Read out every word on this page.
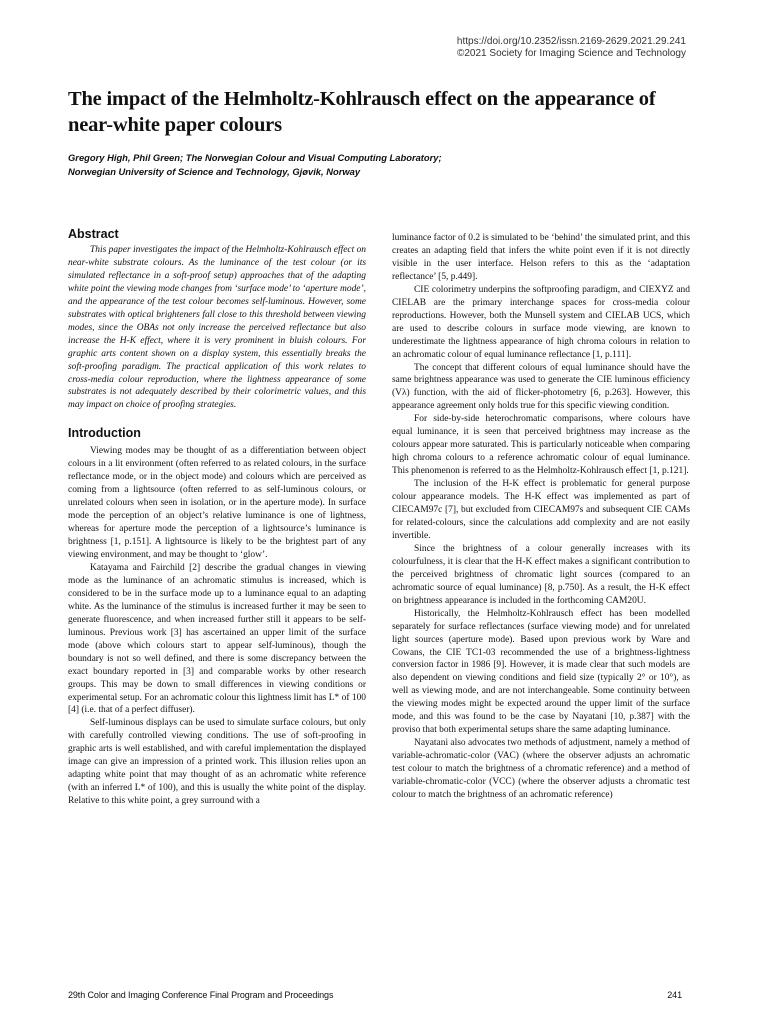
https://doi.org/10.2352/issn.2169-2629.2021.29.241
©2021 Society for Imaging Science and Technology
The impact of the Helmholtz-Kohlrausch effect on the appearance of near-white paper colours
Gregory High, Phil Green; The Norwegian Colour and Visual Computing Laboratory;
Norwegian University of Science and Technology, Gjøvik, Norway
Abstract

This paper investigates the impact of the Helmholtz-Kohlrausch effect on near-white substrate colours. As the luminance of the test colour (or its simulated reflectance in a soft-proof setup) approaches that of the adapting white point the viewing mode changes from ‘surface mode’ to ‘aperture mode’, and the appearance of the test colour becomes self-luminous. However, some substrates with optical brighteners fall close to this threshold between viewing modes, since the OBAs not only increase the perceived reflectance but also increase the H-K effect, where it is very prominent in bluish colours. For graphic arts content shown on a display system, this essentially breaks the soft-proofing paradigm. The practical application of this work relates to cross-media colour reproduction, where the lightness appearance of some substrates is not adequately described by their colorimetric values, and this may impact on choice of proofing strategies.

Introduction

Viewing modes may be thought of as a differentiation between object colours in a lit environment (often referred to as related colours, in the surface reflectance mode, or in the object mode) and colours which are perceived as coming from a lightsource (often referred to as self-luminous colours, or unrelated colours when seen in isolation, or in the aperture mode). In surface mode the perception of an object’s relative luminance is one of lightness, whereas for aperture mode the perception of a lightsource’s luminance is brightness [1, p.151]. A lightsource is likely to be the brightest part of any viewing environment, and may be thought to ‘glow’.

Katayama and Fairchild [2] describe the gradual changes in viewing mode as the luminance of an achromatic stimulus is increased, which is considered to be in the surface mode up to a luminance equal to an adapting white. As the luminance of the stimulus is increased further it may be seen to generate fluorescence, and when increased further still it appears to be self-luminous. Previous work [3] has ascertained an upper limit of the surface mode (above which colours start to appear self-luminous), though the boundary is not so well defined, and there is some discrepancy between the exact boundary reported in [3] and comparable works by other research groups. This may be down to small differences in viewing conditions or experimental setup. For an achromatic colour this lightness limit has L* of 100 [4] (i.e. that of a perfect diffuser).

Self-luminous displays can be used to simulate surface colours, but only with carefully controlled viewing conditions. The use of soft-proofing in graphic arts is well established, and with careful implementation the displayed image can give an impression of a printed work. This illusion relies upon an adapting white point that may thought of as an achromatic white reference (with an inferred L* of 100), and this is usually the white point of the display. Relative to this white point, a grey surround with a

luminance factor of 0.2 is simulated to be ‘behind’ the simulated print, and this creates an adapting field that infers the white point even if it is not directly visible in the user interface. Helson refers to this as the ‘adaptation reflectance’ [5, p.449].

CIE colorimetry underpins the softproofing paradigm, and CIEXYZ and CIELAB are the primary interchange spaces for cross-media colour reproductions. However, both the Munsell system and CIELAB UCS, which are used to describe colours in surface mode viewing, are known to underestimate the lightness appearance of high chroma colours in relation to an achromatic colour of equal luminance reflectance [1, p.111].

The concept that different colours of equal luminance should have the same brightness appearance was used to generate the CIE luminous efficiency (Vλ) function, with the aid of flicker-photometry [6, p.263]. However, this appearance agreement only holds true for this specific viewing condition.

For side-by-side heterochromatic comparisons, where colours have equal luminance, it is seen that perceived brightness may increase as the colours appear more saturated. This is particularly noticeable when comparing high chroma colours to a reference achromatic colour of equal luminance. This phenomenon is referred to as the Helmholtz-Kohlrausch effect [1, p.121].

The inclusion of the H-K effect is problematic for general purpose colour appearance models. The H-K effect was implemented as part of CIECAM97c [7], but excluded from CIECAM97s and subsequent CIE CAMs for related-colours, since the calculations add complexity and are not easily invertible.

Since the brightness of a colour generally increases with its colourfulness, it is clear that the H-K effect makes a significant contribution to the perceived brightness of chromatic light sources (compared to an achromatic source of equal luminance) [8, p.750]. As a result, the H-K effect on brightness appearance is included in the forthcoming CAM20U.

Historically, the Helmholtz-Kohlrausch effect has been modelled separately for surface reflectances (surface viewing mode) and for unrelated light sources (aperture mode). Based upon previous work by Ware and Cowans, the CIE TC1-03 recommended the use of a brightness-lightness conversion factor in 1986 [9]. However, it is made clear that such models are also dependent on viewing conditions and field size (typically 2° or 10°), as well as viewing mode, and are not interchangeable. Some continuity between the viewing modes might be expected around the upper limit of the surface mode, and this was found to be the case by Nayatani [10, p.387] with the proviso that both experimental setups share the same adapting luminance.

Nayatani also advocates two methods of adjustment, namely a method of variable-achromatic-color (VAC) (where the observer adjusts an achromatic test colour to match the brightness of a chromatic reference) and a method of variable-chromatic-color (VCC) (where the observer adjusts a chromatic test colour to match the brightness of an achromatic reference)

29th Color and Imaging Conference Final Program and Proceedings	241
